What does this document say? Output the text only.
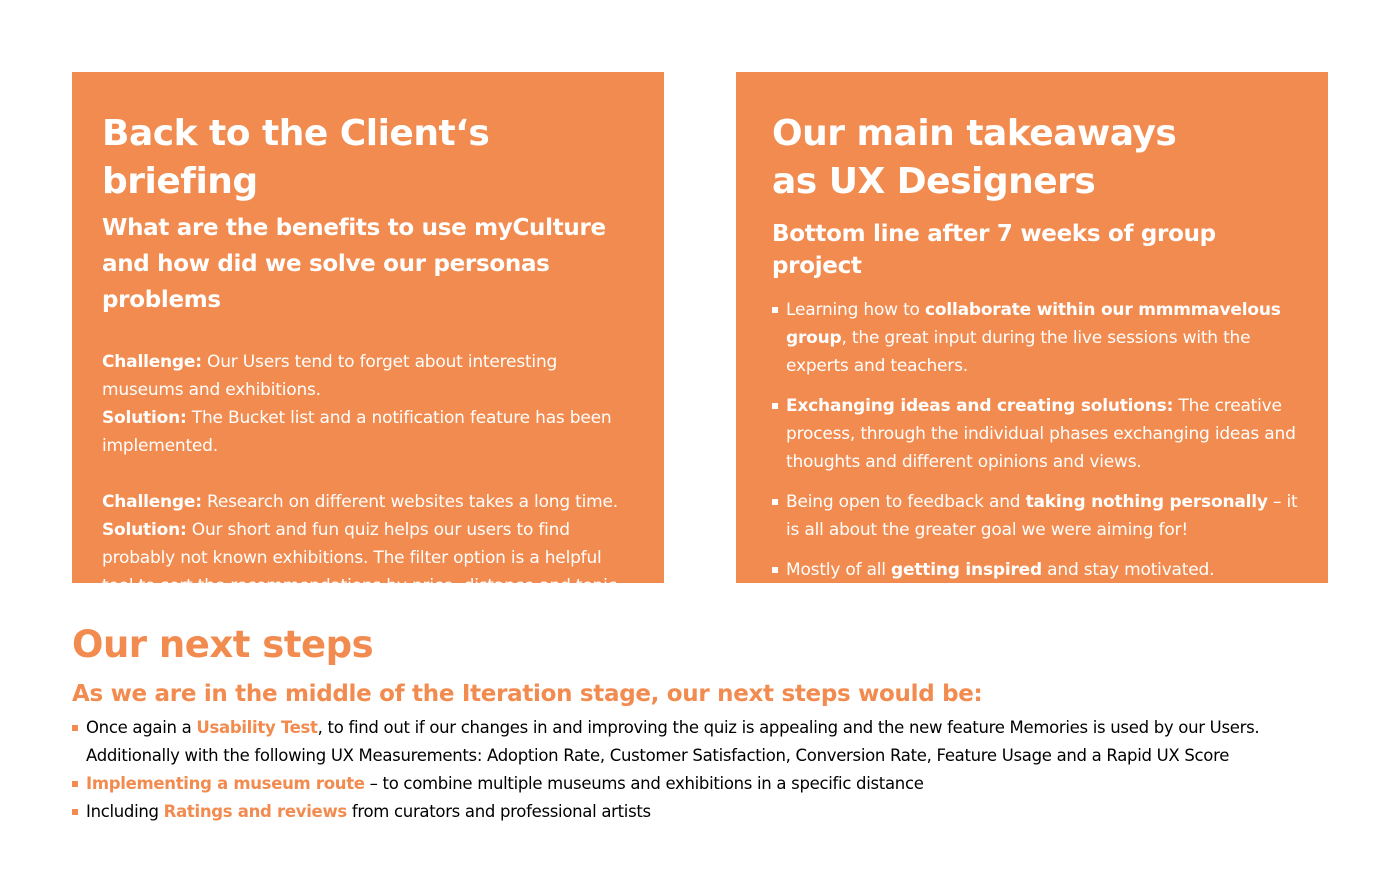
Back to the Client‘s briefing
What are the benefits to use myCulture and how did we solve our personas problems

Challenge: Our Users tend to forget about interesting museums and exhibitions.

Solution: The Bucket list and a notification feature has been implemented.

Challenge: Research on different websites takes a long time.

Solution: Our short and fun quiz helps our users to find probably not known exhibitions. The filter option is a helpful tool to sort the recommendations by price, distance and topic.

Our main takeaways
as UX Designers
Bottom line after 7 weeks of group project
Learning how to collaborate within our mmmmavelous group, the great input during the live sessions with the experts and teachers.
Exchanging ideas and creating solutions: The creative process, through the individual phases exchanging ideas and thoughts and different opinions and views.
Being open to feedback and taking nothing personally – it is all about the greater goal we were aiming for!
Mostly of all getting inspired and stay motivated.
Our next steps
As we are in the middle of the Iteration stage, our next steps would be:
Once again a Usability Test, to find out if our changes in and improving the quiz is appealing and the new feature Memories is used by our Users. Additionally with the following UX Measurements: Adoption Rate, Customer Satisfaction, Conversion Rate, Feature Usage and a Rapid UX Score
Implementing a museum route – to combine multiple museums and exhibitions in a specific distance
Including Ratings and reviews from curators and professional artists
